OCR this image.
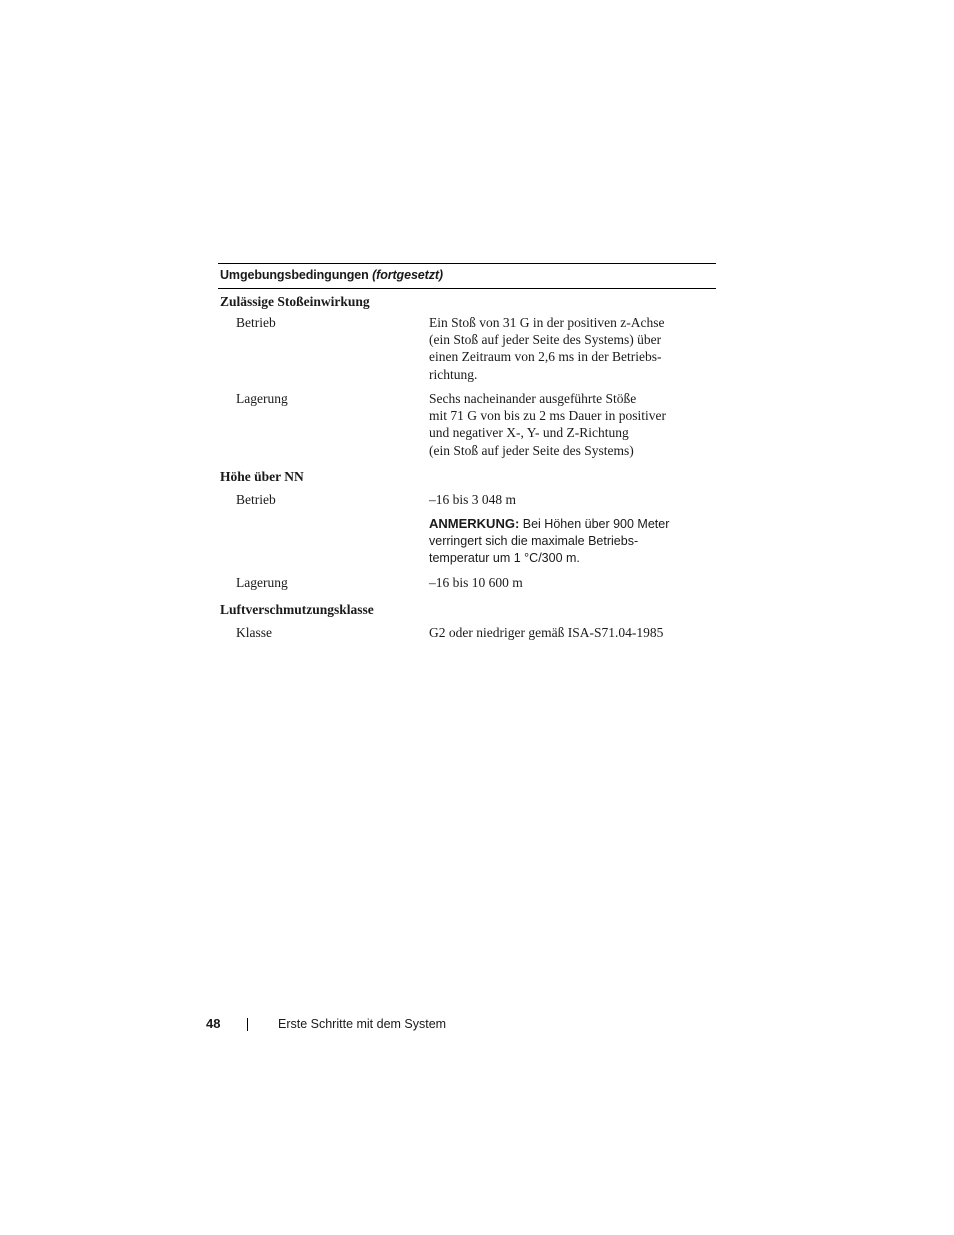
Umgebungsbedingungen (fortgesetzt)
Zulässige Stoßeinwirkung
Betrieb	Ein Stoß von 31 G in der positiven z-Achse
(ein Stoß auf jeder Seite des Systems) über
einen Zeitraum von 2,6 ms in der Betriebs-
richtung.
Lagerung	Sechs nacheinander ausgeführte Stöße
mit 71 G von bis zu 2 ms Dauer in positiver
und negativer X-, Y- und Z-Richtung
(ein Stoß auf jeder Seite des Systems)
Höhe über NN
Betrieb	–16 bis 3 048 m
ANMERKUNG: Bei Höhen über 900 Meter
verringert sich die maximale Betriebs-
temperatur um 1 °C/300 m.
Lagerung	–16 bis 10 600 m
Luftverschmutzungsklasse
Klasse	G2 oder niedriger gemäß ISA-S71.04-1985
48	Erste Schritte mit dem System
